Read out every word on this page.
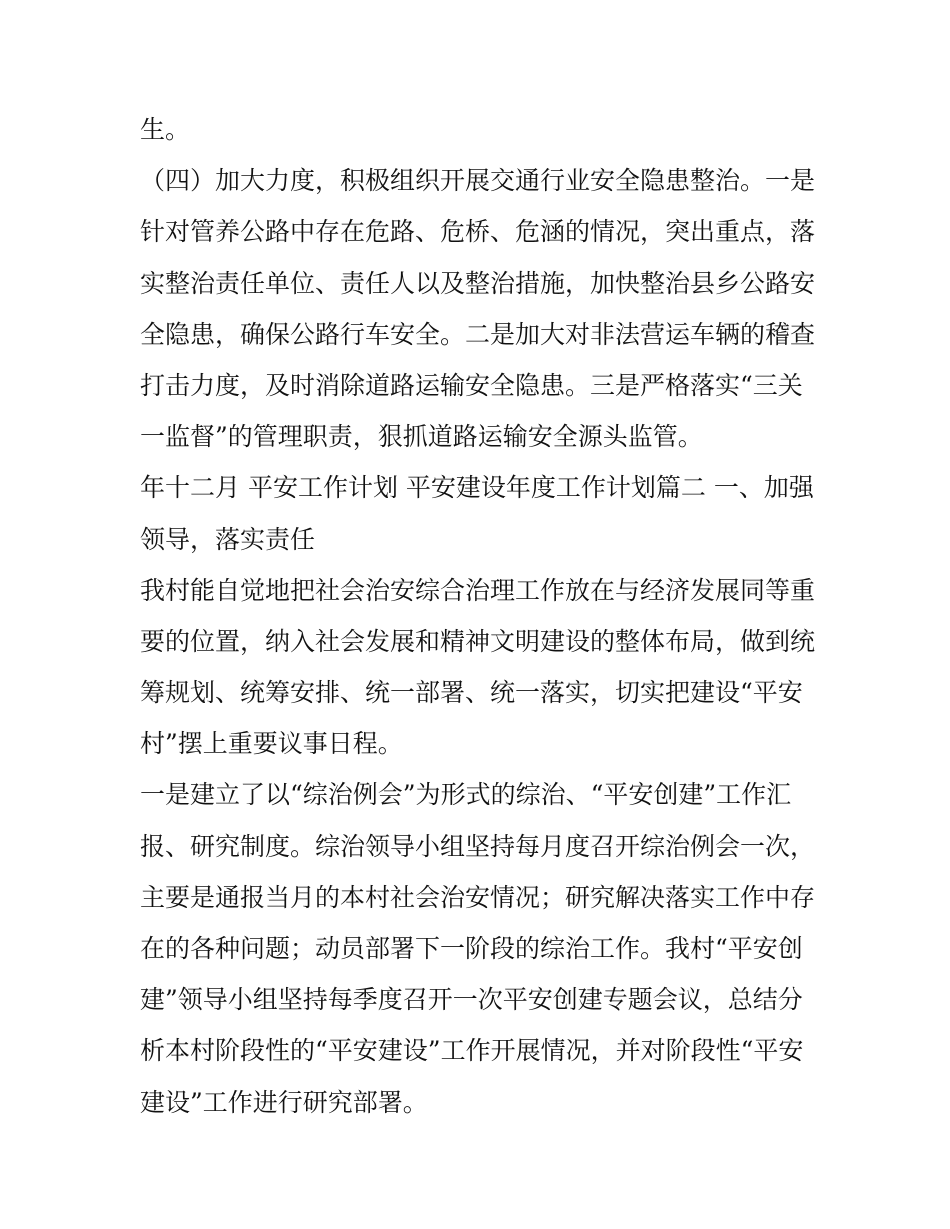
生。
（四）加大力度，积极组织开展交通行业安全隐患整治。一是
针对管养公路中存在危路、危桥、危涵的情况，突出重点，落
实整治责任单位、责任人以及整治措施，加快整治县乡公路安
全隐患，确保公路行车安全。二是加大对非法营运车辆的稽查
打击力度，及时消除道路运输安全隐患。三是严格落实“三关
一监督”的管理职责，狠抓道路运输安全源头监管。
年十二月 平安工作计划 平安建设年度工作计划篇二 一、加强
领导，落实责任
我村能自觉地把社会治安综合治理工作放在与经济发展同等重
要的位置，纳入社会发展和精神文明建设的整体布局，做到统
筹规划、统筹安排、统一部署、统一落实，切实把建设“平安
村”摆上重要议事日程。
一是建立了以“综治例会”为形式的综治、“平安创建”工作汇
报、研究制度。综治领导小组坚持每月度召开综治例会一次，
主要是通报当月的本村社会治安情况；研究解决落实工作中存
在的各种问题；动员部署下一阶段的综治工作。我村“平安创
建”领导小组坚持每季度召开一次平安创建专题会议，总结分
析本村阶段性的“平安建设”工作开展情况，并对阶段性“平安
建设”工作进行研究部署。
